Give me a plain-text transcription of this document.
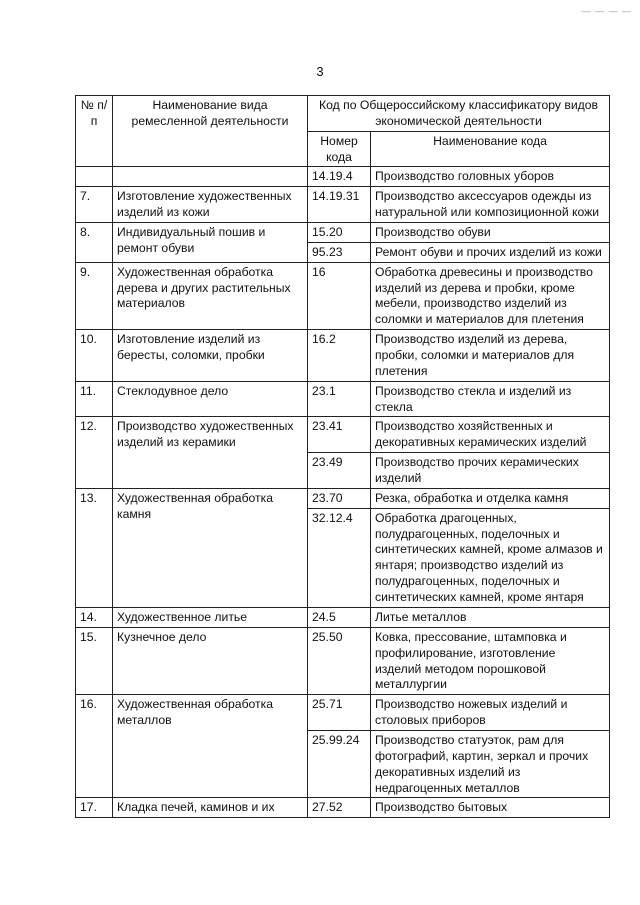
— — — —
3
№ п/п	Наименование вида ремесленной деятельности	Код по Общероссийскому классификатору видов экономической деятельности	
		Номер кода	Наименование кода
		14.19.4	Производство головных уборов
7.	Изготовление художественных изделий из кожи	14.19.31	Производство аксессуаров одежды из натуральной или композиционной кожи
8.	Индивидуальный пошив и ремонт обуви	15.20	Производство обуви
		95.23	Ремонт обуви и прочих изделий из кожи
9.	Художественная обработка дерева и других растительных материалов	16	Обработка древесины и производство изделий из дерева и пробки, кроме мебели, производство изделий из соломки и материалов для плетения
10.	Изготовление изделий из бересты, соломки, пробки	16.2	Производство изделий из дерева, пробки, соломки и материалов для плетения
11.	Стеклодувное дело	23.1	Производство стекла и изделий из стекла
12.	Производство художественных изделий из керамики	23.41	Производство хозяйственных и декоративных керамических изделий
		23.49	Производство прочих керамических изделий
13.	Художественная обработка камня	23.70	Резка, обработка и отделка камня
		32.12.4	Обработка драгоценных, полудрагоценных, поделочных и синтетических камней, кроме алмазов и янтаря; производство изделий из полудрагоценных, поделочных и синтетических камней, кроме янтаря
14.	Художественное литье	24.5	Литье металлов
15.	Кузнечное дело	25.50	Ковка, прессование, штамповка и профилирование, изготовление изделий методом порошковой металлургии
16.	Художественная обработка металлов	25.71	Производство ножевых изделий и столовых приборов
		25.99.24	Производство статуэток, рам для фотографий, картин, зеркал и прочих декоративных изделий из недрагоценных металлов
17.	Кладка печей, каминов и их	27.52	Производство бытовых
